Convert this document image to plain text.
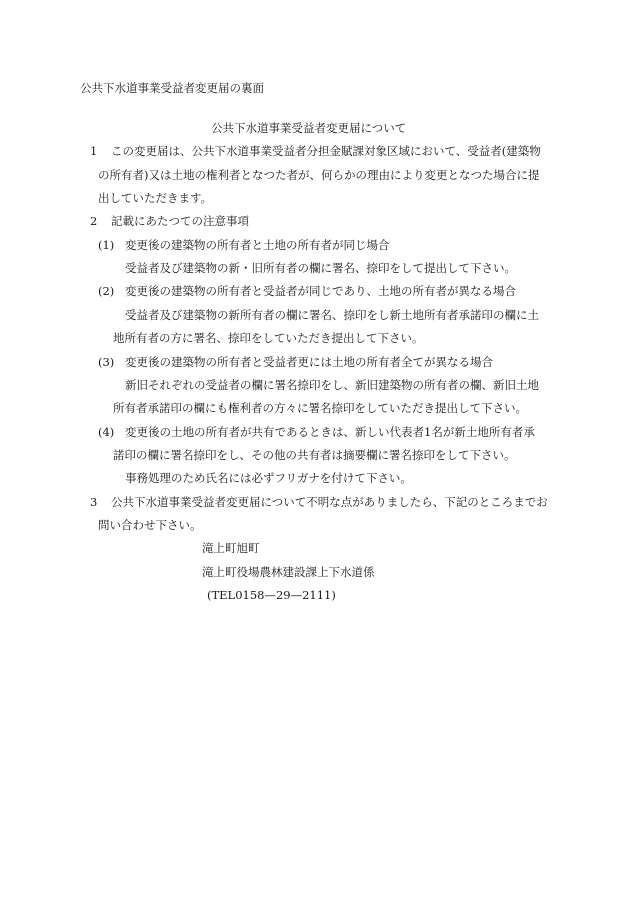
公共下水道事業受益者変更届の裏面
公共下水道事業受益者変更届について
1 この変更届は、公共下水道事業受益者分担金賦課対象区域において、受益者(建築物
の所有者)又は土地の権利者となつた者が、何らかの理由により変更となつた場合に提
出していただきます。
2 記載にあたつての注意事項
(1) 変更後の建築物の所有者と土地の所有者が同じ場合
受益者及び建築物の新・旧所有者の欄に署名、捺印をして提出して下さい。
(2) 変更後の建築物の所有者と受益者が同じであり、土地の所有者が異なる場合
受益者及び建築物の新所有者の欄に署名、捺印をし新土地所有者承諾印の欄に土
地所有者の方に署名、捺印をしていただき提出して下さい。
(3) 変更後の建築物の所有者と受益者更には土地の所有者全てが異なる場合
新旧それぞれの受益者の欄に署名捺印をし、新旧建築物の所有者の欄、新旧土地
所有者承諾印の欄にも権利者の方々に署名捺印をしていただき提出して下さい。
(4) 変更後の土地の所有者が共有であるときは、新しい代表者1名が新土地所有者承
諾印の欄に署名捺印をし、その他の共有者は摘要欄に署名捺印をして下さい。
事務処理のため氏名には必ずフリガナを付けて下さい。
3 公共下水道事業受益者変更届について不明な点がありましたら、下記のところまでお
問い合わせ下さい。
滝上町旭町
滝上町役場農林建設課上下水道係
(TEL0158—29—2111)
